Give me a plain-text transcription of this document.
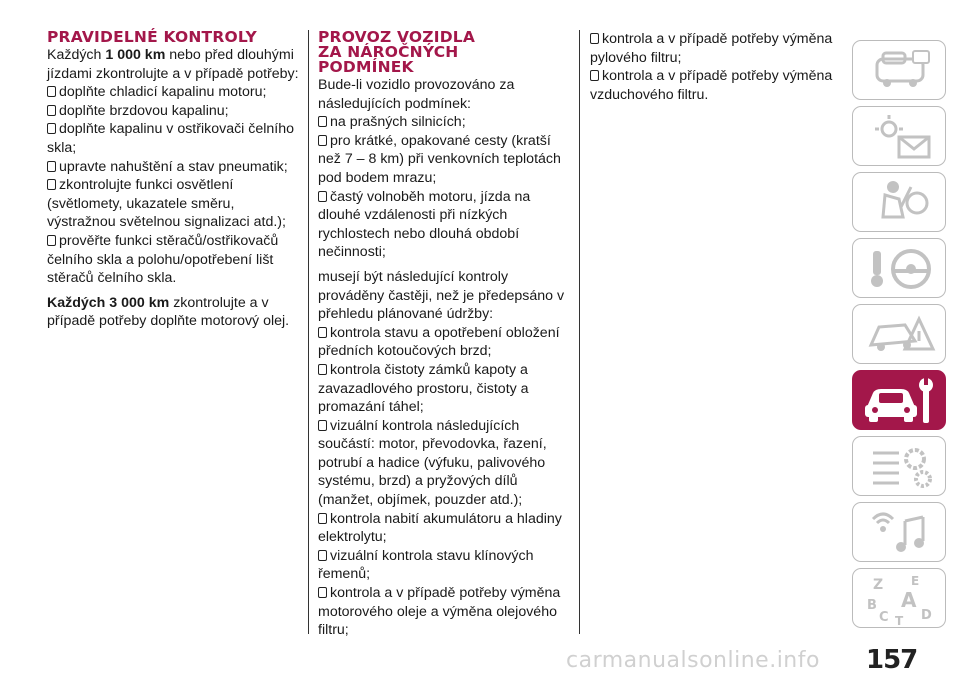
PRAVIDELNÉ KONTROLY

Každých 1 000 km nebo před dlouhými jízdami zkontrolujte a v případě potřeby:

doplňte chladicí kapalinu motoru;
doplňte brzdovou kapalinu;
doplňte kapalinu v ostřikovači čelního skla;
upravte nahuštění a stav pneumatik;
zkontrolujte funkci osvětlení (světlomety, ukazatele směru, výstražnou světelnou signalizaci atd.);
prověřte funkci stěračů/ostřikovačů čelního skla a polohu/opotřebení lišt stěračů čelního skla.

Každých 3 000 km zkontrolujte a v případě potřeby doplňte motorový olej.

PROVOZ VOZIDLA
ZA NÁROČNÝCH
PODMÍNEK

Bude-li vozidlo provozováno za následujících podmínek:

na prašných silnicích;
pro krátké, opakované cesty (kratší než 7 – 8 km) při venkovních teplotách pod bodem mrazu;
častý volnoběh motoru, jízda na dlouhé vzdálenosti při nízkých rychlostech nebo dlouhá období nečinnosti;

musejí být následující kontroly prováděny častěji, než je předepsáno v přehledu plánované údržby:

kontrola stavu a opotřebení obložení předních kotoučových brzd;
kontrola čistoty zámků kapoty a zavazadlového prostoru, čistoty a promazání táhel;
vizuální kontrola následujících součástí: motor, převodovka, řazení, potrubí a hadice (výfuku, palivového systému, brzd) a pryžových dílů (manžet, objímek, pouzder atd.);
kontrola nabití akumulátoru a hladiny elektrolytu;
vizuální kontrola stavu klínových řemenů;
kontrola a v případě potřeby výměna motorového oleje a výměna olejového filtru;
kontrola a v případě potřeby výměna pylového filtru;
kontrola a v případě potřeby výměna vzduchového filtru.
Z E
B A
C D
T
carmanualsonline.info 157
